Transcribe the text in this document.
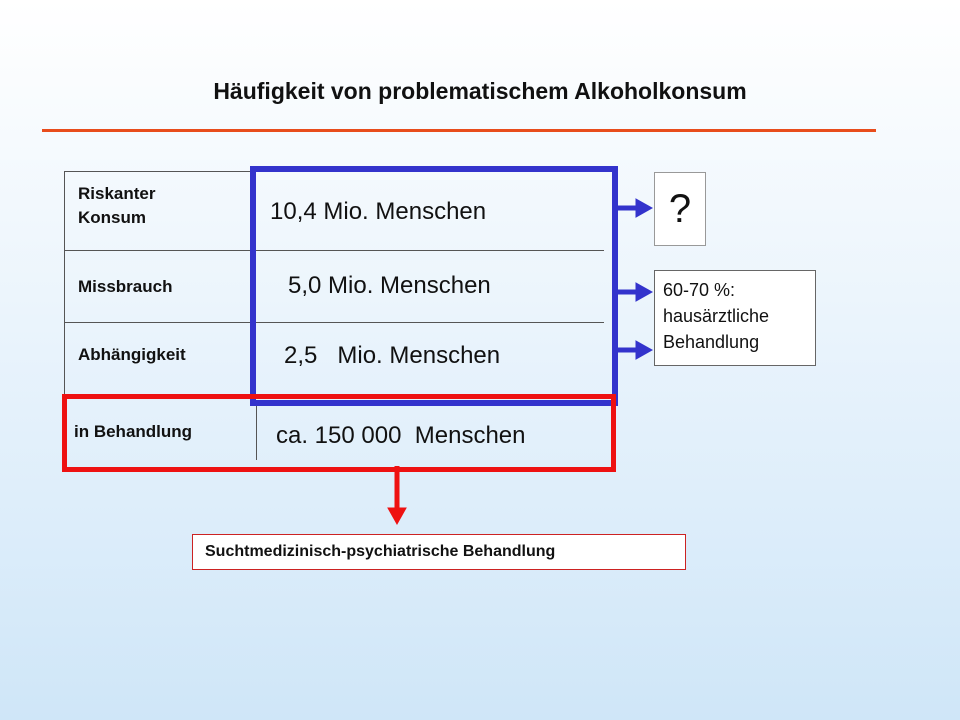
Häufigkeit von problematischem Alkoholkonsum
Riskanter
Konsum
Missbrauch
Abhängigkeit
in Behandlung
10,4 Mio. Menschen
5,0 Mio. Menschen
2,5   Mio. Menschen
ca. 150 000  Menschen
?
60-70 %:
hausärztliche
Behandlung
Suchtmedizinisch-psychiatrische Behandlung
